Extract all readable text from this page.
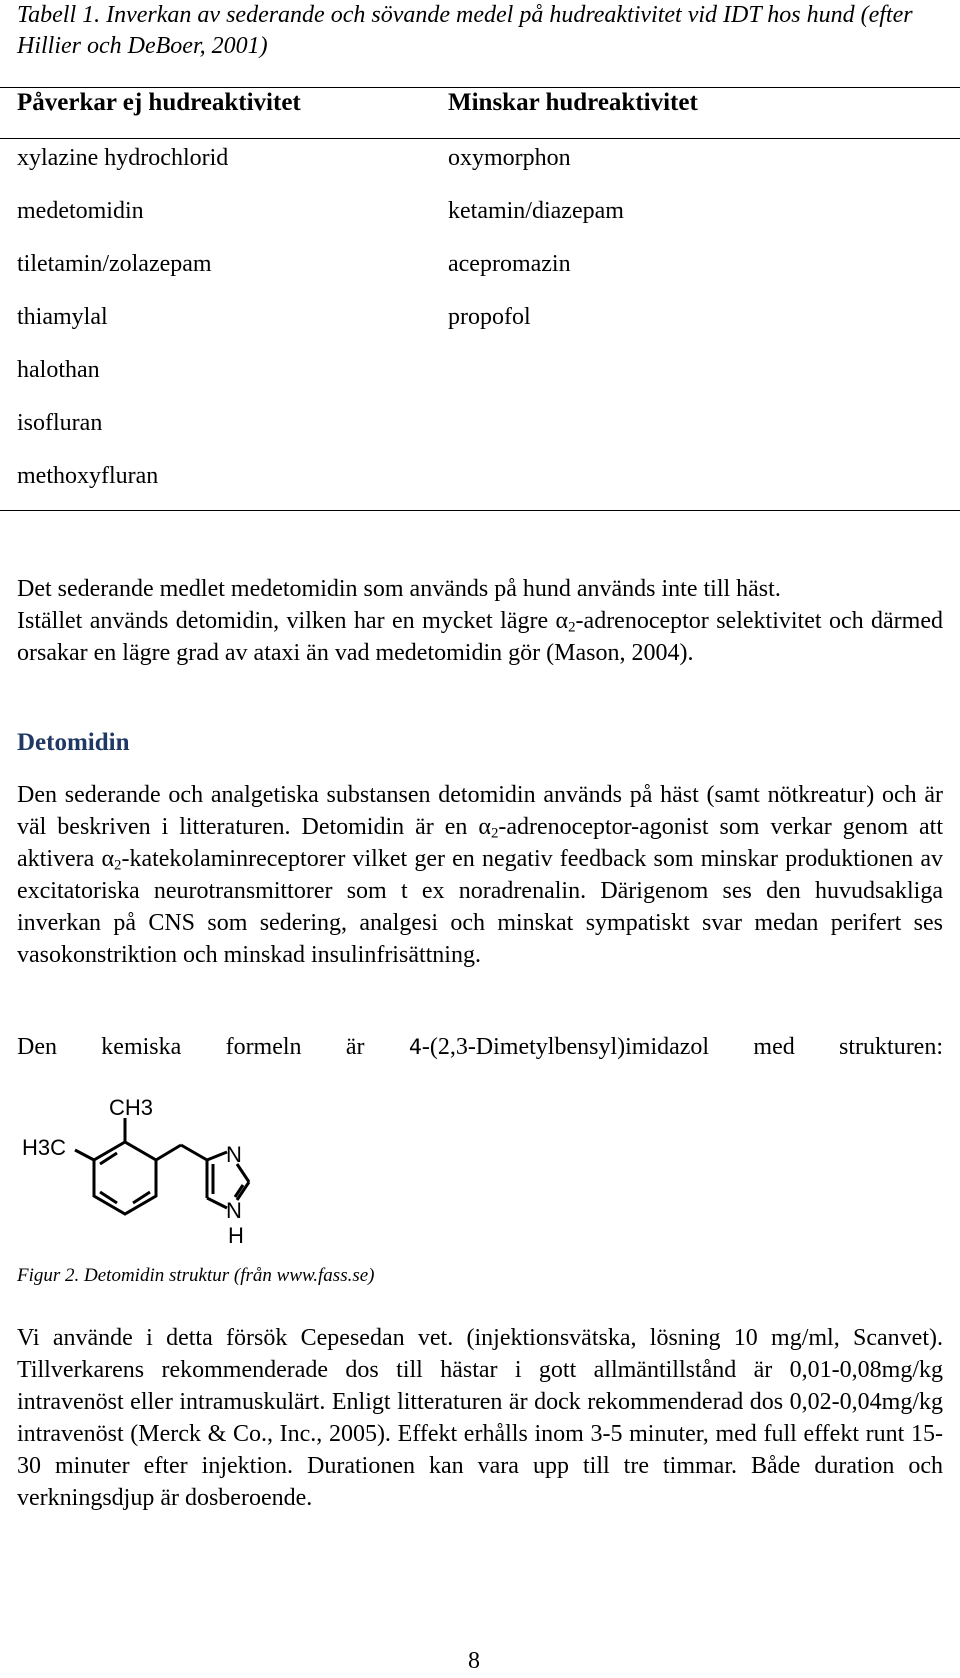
Tabell 1. Inverkan av sederande och sövande medel på hudreaktivitet vid IDT hos hund (efter Hillier och DeBoer, 2001)
Påverkar ej hudreaktivitet	Minskar hudreaktivitet
xylazine hydrochlorid
medetomidin
tiletamin/zolazepam
thiamylal
halothan
isofluran
methoxyfluran
oxymorphon
ketamin/diazepam
acepromazin
propofol

Det sederande medlet medetomidin som används på hund används inte till häst.

Istället används detomidin, vilken har en mycket lägre $\alpha_2$-adrenoceptor selektivitet och därmed orsakar en lägre grad av ataxi än vad medetomidin gör (Mason, 2004).

Detomidin

Den sederande och analgetiska substansen detomidin används på häst (samt nötkreatur) och är väl beskriven i litteraturen. Detomidin är en $\alpha_2-adrenoceptor$-agonist som verkar genom att aktivera $\alpha_2$-katekolaminreceptorer vilket ger en negativ feedback som minskar produktionen av excitatoriska neurotransmittorer som t ex noradrenalin. Därigenom ses den huvudsakliga inverkan på CNS som sedering, analgesi och minskat sympatiskt svar medan perifert ses vasokonstriktion och minskad insulinfrisättning.

Den kemiska formeln är 4-(2,3-Dimetylbensyl)imidazol med strukturen:

CH3
H3C	N
N
H
Figur 2. Detomidin struktur (från www.fass.se)

Vi använde i detta försök Cepesedan vet. (injektionsvätska, lösning 10 mg/ml, Scanvet). Tillverkarens rekommenderade dos till hästar i gott allmäntillstånd är 0,01-0,08mg/kg intravenöst eller intramuskulärt. Enligt litteraturen är dock rekommenderad dos 0,02-0,04mg/kg intravenöst (Merck & Co., Inc., 2005). Effekt erhålls inom 3-5 minuter, med full effekt runt 15-30 minuter efter injektion. Durationen kan vara upp till tre timmar. Både duration och verkningsdjup är dosberoende.

8
